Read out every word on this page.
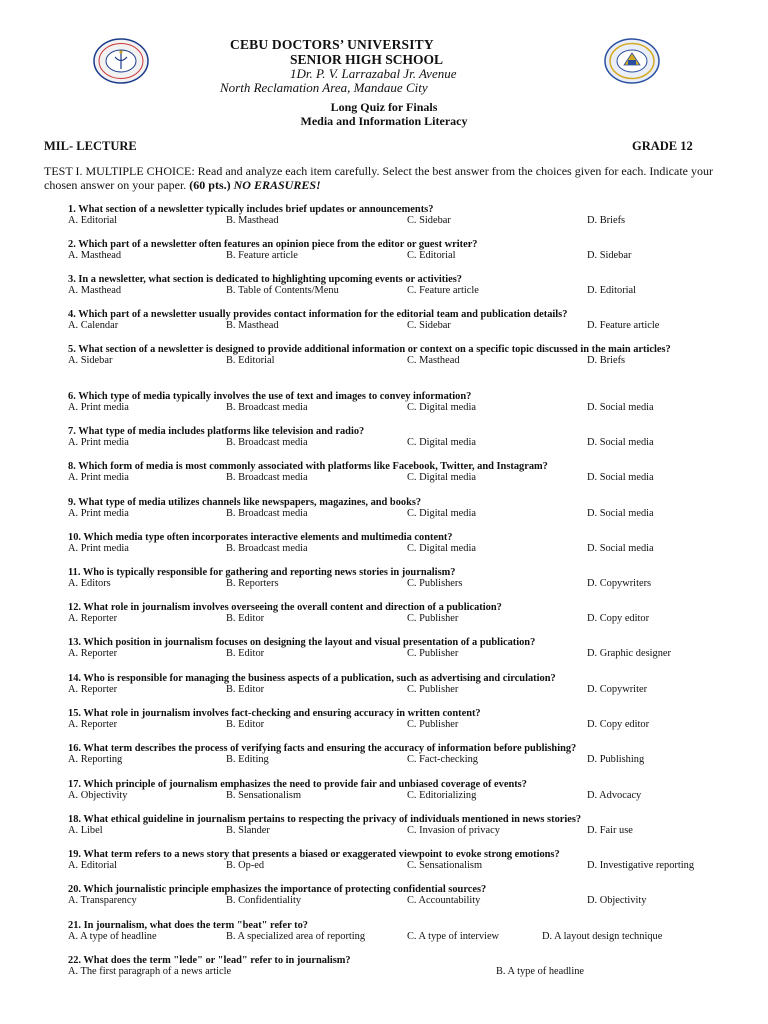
CEBU DOCTORS’ UNIVERSITY
SENIOR HIGH SCHOOL
1Dr. P. V. Larrazabal Jr. Avenue
North Reclamation Area, Mandaue City
Long Quiz for Finals
Media and Information Literacy
MIL- LECTURE	GRADE 12
TEST I. MULTIPLE CHOICE: Read and analyze each item carefully. Select the best answer from the choices given for each. Indicate your chosen answer on your paper. (60 pts.) NO ERASURES!
1. What section of a newsletter typically includes brief updates or announcements?
A. Editorial	B. Masthead	C. Sidebar	D. Briefs
2. Which part of a newsletter often features an opinion piece from the editor or guest writer?
A. Masthead	B. Feature article	C. Editorial	D. Sidebar
3. In a newsletter, what section is dedicated to highlighting upcoming events or activities?
A. Masthead	B. Table of Contents/Menu	C. Feature article	D. Editorial
4. Which part of a newsletter usually provides contact information for the editorial team and publication details?
A. Calendar	B. Masthead	C. Sidebar	D. Feature article
5. What section of a newsletter is designed to provide additional information or context on a specific topic discussed in the main articles?
A. Sidebar	B. Editorial	C. Masthead	D. Briefs
6. Which type of media typically involves the use of text and images to convey information?
A. Print media	B. Broadcast media	C. Digital media	D. Social media
7. What type of media includes platforms like television and radio?
A. Print media	B. Broadcast media	C. Digital media	D. Social media
8. Which form of media is most commonly associated with platforms like Facebook, Twitter, and Instagram?
A. Print media	B. Broadcast media	C. Digital media	D. Social media
9. What type of media utilizes channels like newspapers, magazines, and books?
A. Print media	B. Broadcast media	C. Digital media	D. Social media
10. Which media type often incorporates interactive elements and multimedia content?
A. Print media	B. Broadcast media	C. Digital media	D. Social media
11. Who is typically responsible for gathering and reporting news stories in journalism?
A. Editors	B. Reporters	C. Publishers	D. Copywriters
12. What role in journalism involves overseeing the overall content and direction of a publication?
A. Reporter	B. Editor	C. Publisher	D. Copy editor
13. Which position in journalism focuses on designing the layout and visual presentation of a publication?
A. Reporter	B. Editor	C. Publisher	D. Graphic designer
14. Who is responsible for managing the business aspects of a publication, such as advertising and circulation?
A. Reporter	B. Editor	C. Publisher	D. Copywriter
15. What role in journalism involves fact-checking and ensuring accuracy in written content?
A. Reporter	B. Editor	C. Publisher	D. Copy editor
16. What term describes the process of verifying facts and ensuring the accuracy of information before publishing?
A. Reporting	B. Editing	C. Fact-checking	D. Publishing
17. Which principle of journalism emphasizes the need to provide fair and unbiased coverage of events?
A. Objectivity	B. Sensationalism	C. Editorializing	D. Advocacy
18. What ethical guideline in journalism pertains to respecting the privacy of individuals mentioned in news stories?
A. Libel	B. Slander	C. Invasion of privacy	D. Fair use
19. What term refers to a news story that presents a biased or exaggerated viewpoint to evoke strong emotions?
A. Editorial	B. Op-ed	C. Sensationalism	D. Investigative reporting
20. Which journalistic principle emphasizes the importance of protecting confidential sources?
A. Transparency	B. Confidentiality	C. Accountability	D. Objectivity
21. In journalism, what does the term "beat" refer to?
A. A type of headline	B. A specialized area of reporting	C. A type of interview	D. A layout design technique
22. What does the term "lede" or "lead" refer to in journalism?
A. The first paragraph of a news article	B. A type of headline
